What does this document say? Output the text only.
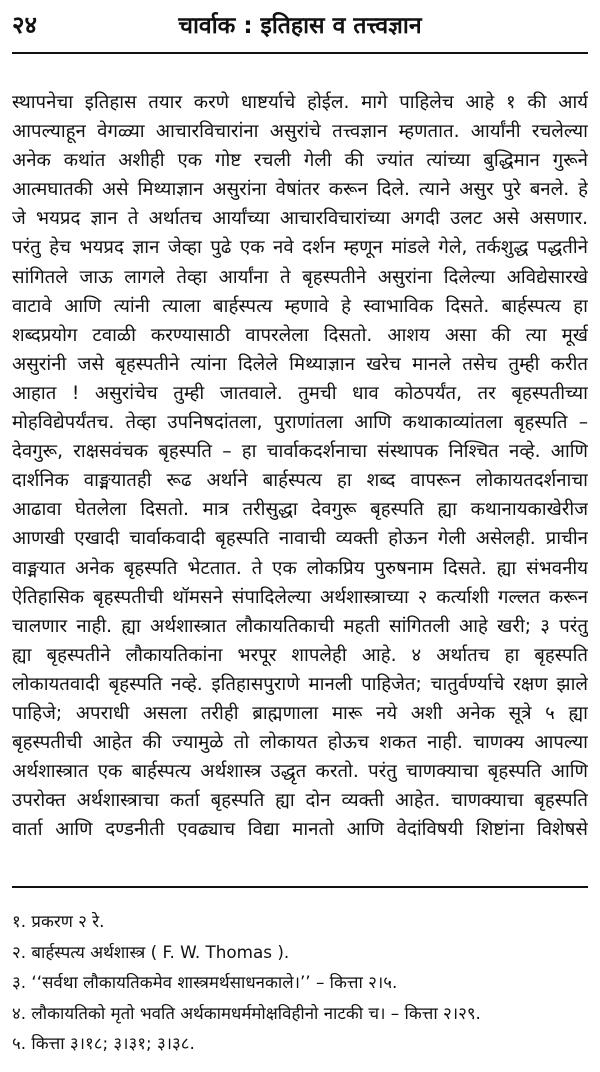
२४	चार्वाक : इतिहास व तत्त्वज्ञान
स्थापनेचा इतिहास तयार करणे धाष्टर्याचे होईल. मागे पाहिलेच आहे १ की आर्य
आपल्याहून वेगळ्या आचारविचारांना असुरांचे तत्त्वज्ञान म्हणतात. आर्यांनी रचलेल्या
अनेक कथांत अशीही एक गोष्ट रचली गेली की ज्यांत त्यांच्या बुद्धिमान गुरूने
आत्मघातकी असे मिथ्याज्ञान असुरांना वेषांतर करून दिले. त्याने असुर पुरे बनले. हे
जे भयप्रद ज्ञान ते अर्थातच आर्यांच्या आचारविचारांच्या अगदी उलट असे असणार.
परंतु हेच भयप्रद ज्ञान जेव्हा पुढे एक नवे दर्शन म्हणून मांडले गेले, तर्कशुद्ध पद्धतीने
सांगितले जाऊ लागले तेव्हा आर्यांना ते बृहस्पतीने असुरांना दिलेल्या अविद्येसारखे
वाटावे आणि त्यांनी त्याला बार्हस्पत्य म्हणावे हे स्वाभाविक दिसते. बार्हस्पत्य हा
शब्दप्रयोग टवाळी करण्यासाठी वापरलेला दिसतो. आशय असा की त्या मूर्ख
असुरांनी जसे बृहस्पतीने त्यांना दिलेले मिथ्याज्ञान खरेच मानले तसेच तुम्ही करीत
आहात ! असुरांचेच तुम्ही जातवाले. तुमची धाव कोठपर्यंत, तर बृहस्पतीच्या
मोहविद्येपर्यंतच. तेव्हा उपनिषदांतला, पुराणांतला आणि कथाकाव्यांतला बृहस्पति –
देवगुरू, राक्षसवंचक बृहस्पति – हा चार्वाकदर्शनाचा संस्थापक निश्चित नव्हे. आणि
दार्शनिक वाङ्मयातही रूढ अर्थाने बार्हस्पत्य हा शब्द वापरून लोकायतदर्शनाचा
आढावा घेतलेला दिसतो. मात्र तरीसुद्धा देवगुरू बृहस्पति ह्या कथानायकाखेरीज
आणखी एखादी चार्वाकवादी बृहस्पति नावाची व्यक्ती होऊन गेली असेलही. प्राचीन
वाङ्मयात अनेक बृहस्पति भेटतात. ते एक लोकप्रिय पुरुषनाम दिसते. ह्या संभवनीय
ऐतिहासिक बृहस्पतीची थॉमसने संपादिलेल्या अर्थशास्त्राच्या २ कर्त्याशी गल्लत करून
चालणार नाही. ह्या अर्थशास्त्रात लौकायतिकाची महती सांगितली आहे खरी; ३ परंतु
ह्या बृहस्पतीने लौकायतिकांना भरपूर शापलेही आहे. ४ अर्थातच हा बृहस्पति
लोकायतवादी बृहस्पति नव्हे. इतिहासपुराणे मानली पाहिजेत; चातुर्वर्ण्याचे रक्षण झाले
पाहिजे; अपराधी असला तरीही ब्राह्मणाला मारू नये अशी अनेक सूत्रे ५ ह्या
बृहस्पतीची आहेत की ज्यामुळे तो लोकायत होऊच शकत नाही. चाणक्य आपल्या
अर्थशास्त्रात एक बार्हस्पत्य अर्थशास्त्र उद्धृत करतो. परंतु चाणक्याचा बृहस्पति आणि
उपरोक्त अर्थशास्त्राचा कर्ता बृहस्पति ह्या दोन व्यक्ती आहेत. चाणक्याचा बृहस्पति
वार्ता आणि दण्डनीती एवढ्याच विद्या मानतो आणि वेदांविषयी शिष्टांना विशेषसे
१. प्रकरण २ रे.
२. बार्हस्पत्य अर्थशास्त्र ( F. W. Thomas ).
३. ‘‘सर्वथा लौकायतिकमेव शास्त्रमर्थसाधनकाले।’’ – कित्ता २।५.
४. लौकायतिको मृतो भवति अर्थकामधर्ममोक्षविहीनो नाटकी च। – कित्ता २।२९.
५. कित्ता ३।१८; ३।३१; ३।३८.
